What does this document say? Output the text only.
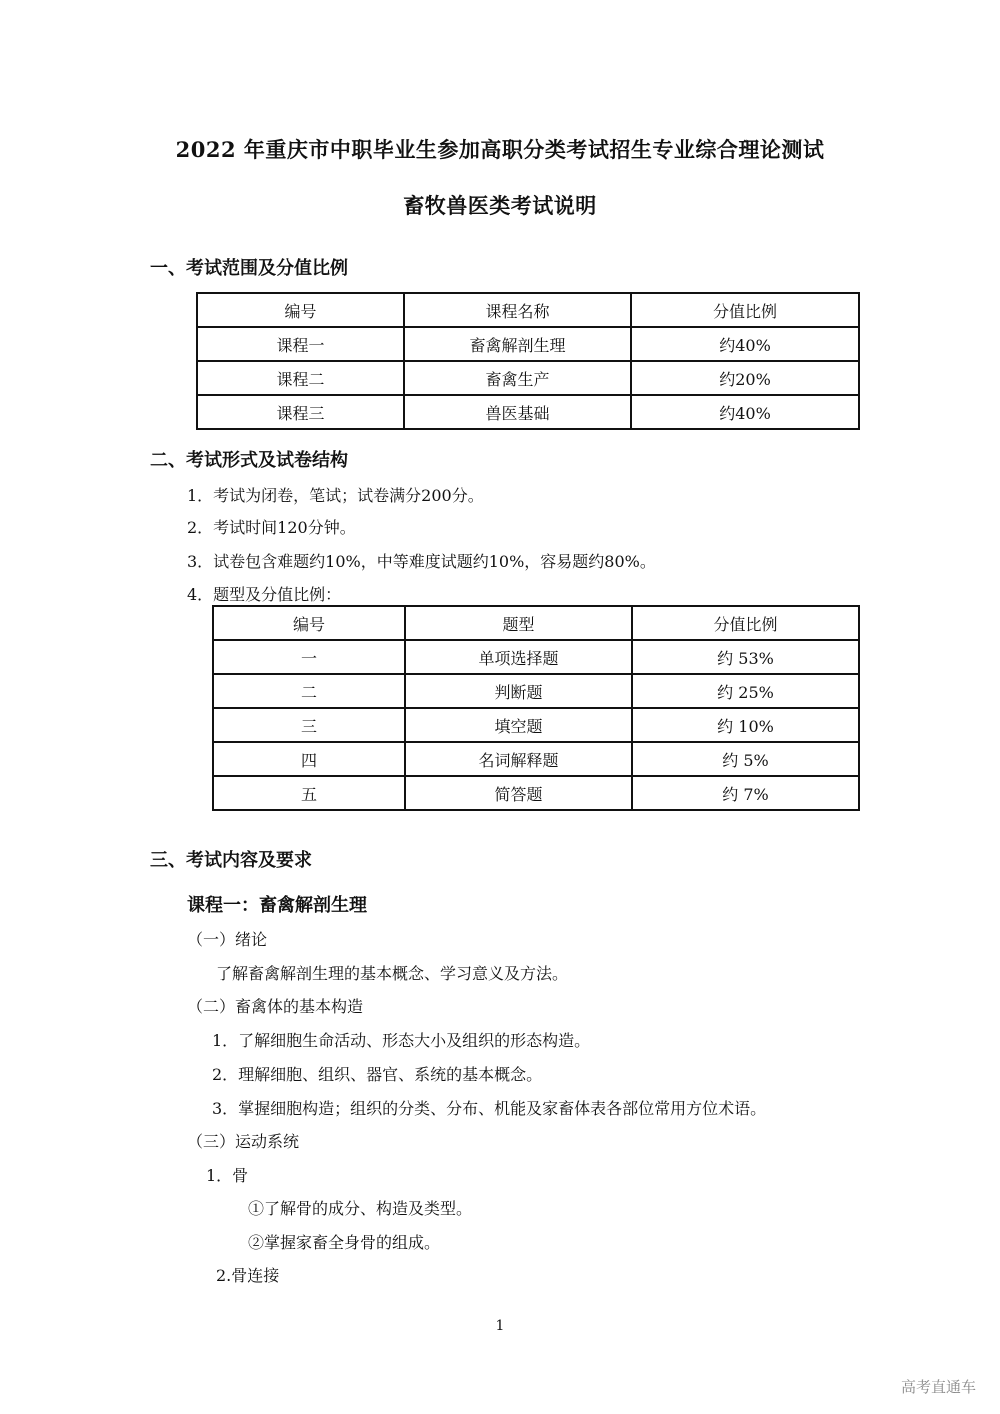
2022 年重庆市中职毕业生参加高职分类考试招生专业综合理论测试
畜牧兽医类考试说明
一、考试范围及分值比例
编号	课程名称	分值比例
课程一	畜禽解剖生理	约40%
课程二	畜禽生产	约20%
课程三	兽医基础	约40%
二、考试形式及试卷结构
1．考试为闭卷，笔试；试卷满分200分。
2．考试时间120分钟。
3．试卷包含难题约10%，中等难度试题约10%，容易题约80%。
4．题型及分值比例：
编号	题型	分值比例
一	单项选择题	约 53%
二	判断题	约 25%
三	填空题	约 10%
四	名词解释题	约 5%
五	简答题	约 7%
三、考试内容及要求
课程一：畜禽解剖生理
（一）绪论
了解畜禽解剖生理的基本概念、学习意义及方法。
（二）畜禽体的基本构造
1．了解细胞生命活动、形态大小及组织的形态构造。
2．理解细胞、组织、器官、系统的基本概念。
3．掌握细胞构造；组织的分类、分布、机能及家畜体表各部位常用方位术语。
（三）运动系统
1．骨
①了解骨的成分、构造及类型。
②掌握家畜全身骨的组成。
2.骨连接
1
高考直通车
